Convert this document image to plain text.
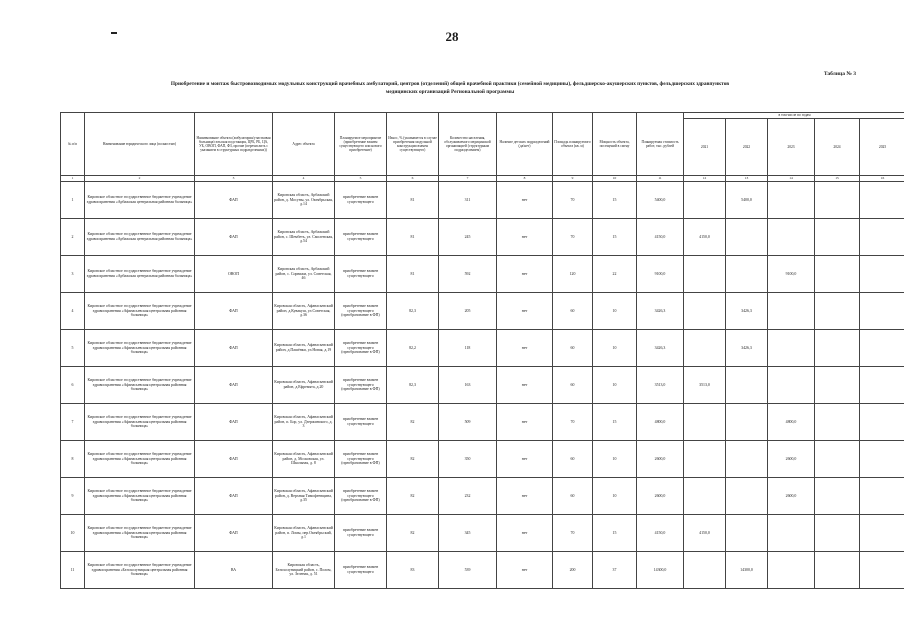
28
Таблица № 3
Приобретение и монтаж быстровозводимых модульных конструкций врачебных амбулаторий, центров (отделений) общей врачебной практики (семейной медицины), фельдшерско-акушерских пунктов, фельдшерских здравпунктов
медицинских организаций Региональной программы
№ п/п	Наименование юридического лица (полностью)	Наименование объекта (амбулатория/участковая больница/сельская подстанция, ЦРБ, РБ, ЦА, УБ, ОВОП, ФАП, ФЗ, прочие (перечислить с указанием в структурных подразделениях))	Адрес объекта	Планируемое мероприятие (приобретение взамен существующего или нового приобретение)	Износ, % (указывается в случае приобретения модульной конструкции взамен существующего)	Количество населения, обслуживаемого медицинской организацией (структурным подразделением)	Наличие детских подразделений (да/нет)	Площадь планируемого объекта (кв. м)	Мощность объекта, посещений в смену	Планируемая стоимость работ, тыс. рублей	в том числе по годам				
											2021	2022	2023	2024	2025
1	2	3	4	5	6	7	8	9	10	11	12	13	14	15	16
1	Кировское областное государственное бюджетное учреждение здравоохранения «Арбажская центральная районная больница»	ФАП	Кировская область, Арбажский район, д. Мосуны, ул. Октябрьская, д.14	приобретение взамен существующего	81	311	нет	70	15	5400,0		5400,0			
2	Кировское областное государственное бюджетное учреждение здравоохранения «Арбажская центральная районная больница»	ФАП	Кировская область, Арбажский район, с. Шембеть, ул. Смоленская, д.54	приобретение взамен существующего	81	245	нет	70	15	4150,0	4150,0				
3	Кировское областное государственное бюджетное учреждение здравоохранения «Арбажская центральная районная больница»	ОВОП	Кировская область, Арбажский район, с. Сорвижи, ул. Советская, 46	приобретение взамен существующего	81	592	нет	120	22	9100,0			9100,0		
4	Кировское областное государственное бюджетное учреждение здравоохранения «Афанасьевская центральная районная больница»	ФАП	Кировская область, Афанасьевский район, д.Кувакуш, ул.Советская, д.36	приобретение взамен существующего (преобразование в ФП)	82,3	205	нет	60	10	3426,3		3426,3			
5	Кировское областное государственное бюджетное учреждение здравоохранения «Афанасьевская центральная районная больница»	ФАП	Кировская область, Афанасьевский район, д.Пашёнки, ул.Новая, д.19	приобретение взамен существующего (преобразование в ФП)	82,2	118	нет	60	10	3426,3		3426,3			
6	Кировское областное государственное бюджетное учреждение здравоохранения «Афанасьевская центральная районная больница»	ФАП	Кировская область, Афанасьевский район, д.Ефремята, д.20	приобретение взамен существующего (преобразование в ФП)	82,3	163	нет	60	10	3513,0	3513,0				
7	Кировское областное государственное бюджетное учреждение здравоохранения «Афанасьевская центральная районная больница»	ФАП	Кировская область, Афанасьевский район, п. Бор, ул. Дзержинского, д. 3	приобретение взамен существующего	82	509	нет	70	15	4800,0			4800,0		
8	Кировское областное государственное бюджетное учреждение здравоохранения «Афанасьевская центральная районная больница»	ФАП	Кировская область, Афанасьевский район, д. Московская, ул. Школьная, д. 8	приобретение взамен существующего (преобразование в ФП)	82	350	нет	60	10	2600,0			2600,0		
9	Кировское областное государственное бюджетное учреждение здравоохранения «Афанасьевская центральная районная больница»	ФАП	Кировская область, Афанасьевский район, д. Верхняя Тимофеевщина, д.35	приобретение взамен существующего (преобразование в ФП)	82	232	нет	60	10	2600,0			2600,0		
10	Кировское областное государственное бюджетное учреждение здравоохранения «Афанасьевская центральная районная больница»	ФАП	Кировская область, Афанасьевский район, п. Ломы, пер.Октябрьский, д.1	приобретение взамен существующего	82	345	нет	70	15	4150,0	4150,0				
11	Кировское областное государственное бюджетное учреждение здравоохранения «Белохолуницкая центральная районная больница»	ВА	Кировская область, Белохолуницкий район, с. Полом, ул. Зеленая, д. 51	приобретение взамен существующего	83	539	нет	200	37	14300,0		14300,0			
